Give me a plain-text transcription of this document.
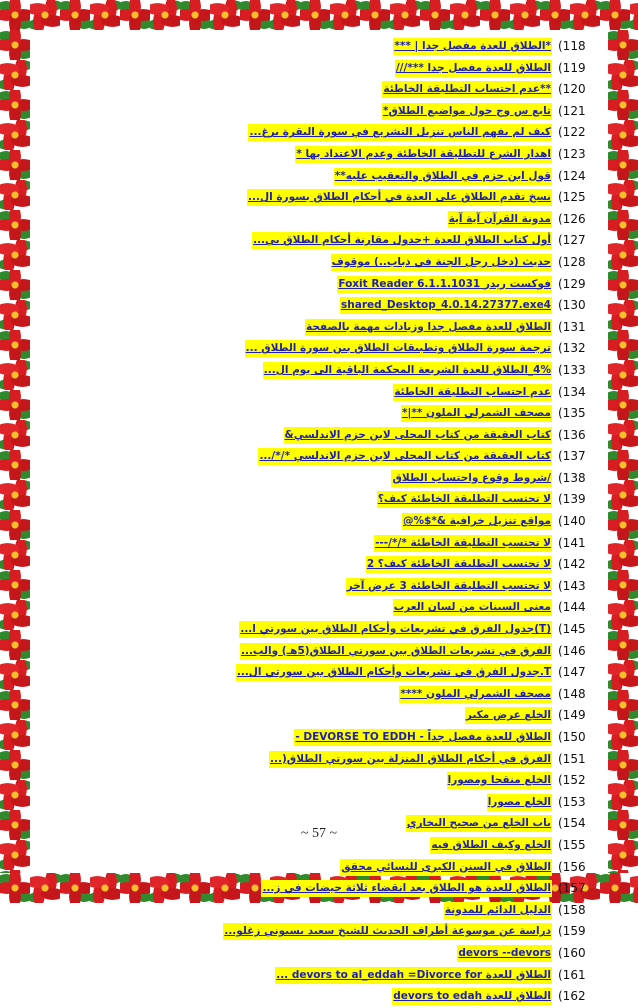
*الطلاق للعدة مفصل جدا | *** (118
الطلاق للعدة مفصل جدا ***/// (119
**عدم احتساب التطليقة الخاطئة (120
تابع س وج حول مواضيع الطلاق* (121
كيف لم يفهم الناس تنزيل التشريع في سورة البقرة برغ... (122
اهدار الشرع للتطليقة الخاطئة وعدم الاعتداد بها * (123
قول ابن حزم في الطلاق والتعقيب عليه** (124
نسخ تقدم الطلاق على العدة في أحكام الطلاق بسورة ال... (125
مدونة القرآن آية آية (126
أول كتاب الطلاق للعدة +جدول مقارنة أحكام الطلاق بي... (127
حديث (دخل رجل الجنة في ذباب..) موقوف (128
فوكست ريدر Foxit Reader 6.1.1.1031 (129
shared_Desktop_4.0.14.27377.exe4 (130
الطلاق للعدة مفصل جدا وزيادات مهمة بالصفحة (131
ترجمة سورة الطلاق وتطبيقات الطلاق بين سورة الطلاق ... (132
4%_الطلاق للعدة الشريعة المحكمة الباقية الى يوم ال... (133
عدم احتساب التطليقة الخاطئة (134
مصحف الشمرلي الملون **|* (135
كتاب العقيقة من كتاب المحلى لابن حزم الاندلسي& (136
كتاب العقيقة من كتاب المحلى لابن حزم الاندلسي */*/... (137
/شروط وقوع واحتساب الطلاق (138
لا تحتسب التطليقة الخاطئة كيف؟ (139
مواقع تنزيل خرافية &*$%@ (140
لا تحتسب التطليقة الخاطئة */*/--- (141
لا تحتسب التطليقة الخاطئة كيف؟ 2 (142
لا تحتسب التطليقة الخاطئة 3 عرض آخر (143
معنى السينات من لسان العرب (144
(T)جدول الفرق في تشريعات وأحكام الطلاق بين سورتي ا... (145
الفرق في تشريعات الطلاق بين سورتي الطلاق(5هـ) والب... (146
T.جدول الفرق في تشريعات وأحكام الطلاق بين سورتي ال... (147
مصحف الشمرلي الملون **** (148
الخلع عرض مكبر (149
الطلاق للعدة مفصل جداً - DEVORSE TO EDDH - (150
الفرق في أحكام الطلاق المنزلة بين سورتي الطلاق(... (151
الخلع منقحا ومصورا (152
الخلع مصورا (153
باب الخلع من صحيح البخاري (154
الخلع وكيف الطلاق فيه (155
الطلاق في السنن الكبرى للنسائي محقق (156
الطلاق للعدة هو الطلاق بعد انقضاء ثلاثة حيضات في ز... (157
الدليل الدائم للمدونة (158
دراسة عن موسوعة أطراف الحديث للشيخ سعيد بسيوني زغلو... (159
devors --devors (160
الطلاق للعدة devors to al_eddah =Divorce for ... (161
الطلاق للعدة devors to edah (162
~ 57 ~
